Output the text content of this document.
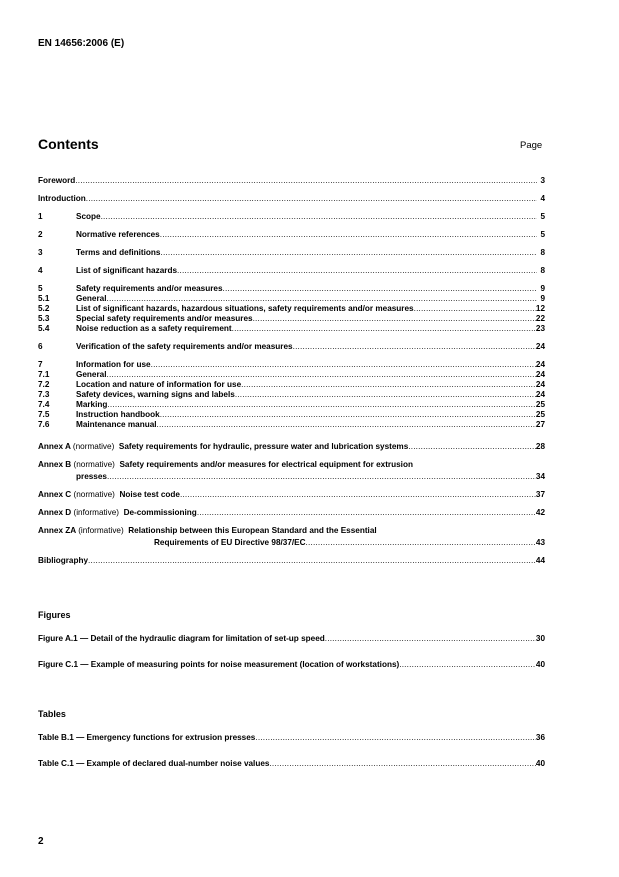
EN 14656:2006 (E)
Contents	Page
Foreword .....	3
Introduction .....	4
1	Scope .....	5
2	Normative references .....	5
3	Terms and definitions .....	8
4	List of significant hazards .....	8
5	Safety requirements and/or measures .....	9
5.1	General .....	9
5.2	List of significant hazards, hazardous situations, safety requirements and/or measures .....	12
5.3	Special safety requirements and/or measures .....	22
5.4	Noise reduction as a safety requirement .....	23
6	Verification of the safety requirements and/or measures .....	24
7	Information for use .....	24
7.1	General .....	24
7.2	Location and nature of information for use .....	24
7.3	Safety devices, warning signs and labels .....	24
7.4	Marking .....	25
7.5	Instruction handbook .....	25
7.6	Maintenance manual .....	27
Annex A (normative) Safety requirements for hydraulic, pressure water and lubrication systems .....	28
Annex B (normative) Safety requirements and/or measures for electrical equipment for extrusion
presses .....	34
Annex C (normative) Noise test code .....	37
Annex D (informative) De-commissioning .....	42
Annex ZA (informative) Relationship between this European Standard and the Essential
Requirements of EU Directive 98/37/EC .....	43
Bibliography .....	44
Figures
Figure A.1 — Detail of the hydraulic diagram for limitation of set-up speed .....	30
Figure C.1 — Example of measuring points for noise measurement (location of workstations) .....	40
Tables
Table B.1 — Emergency functions for extrusion presses .....	36
Table C.1 — Example of declared dual-number noise values .....	40
2
